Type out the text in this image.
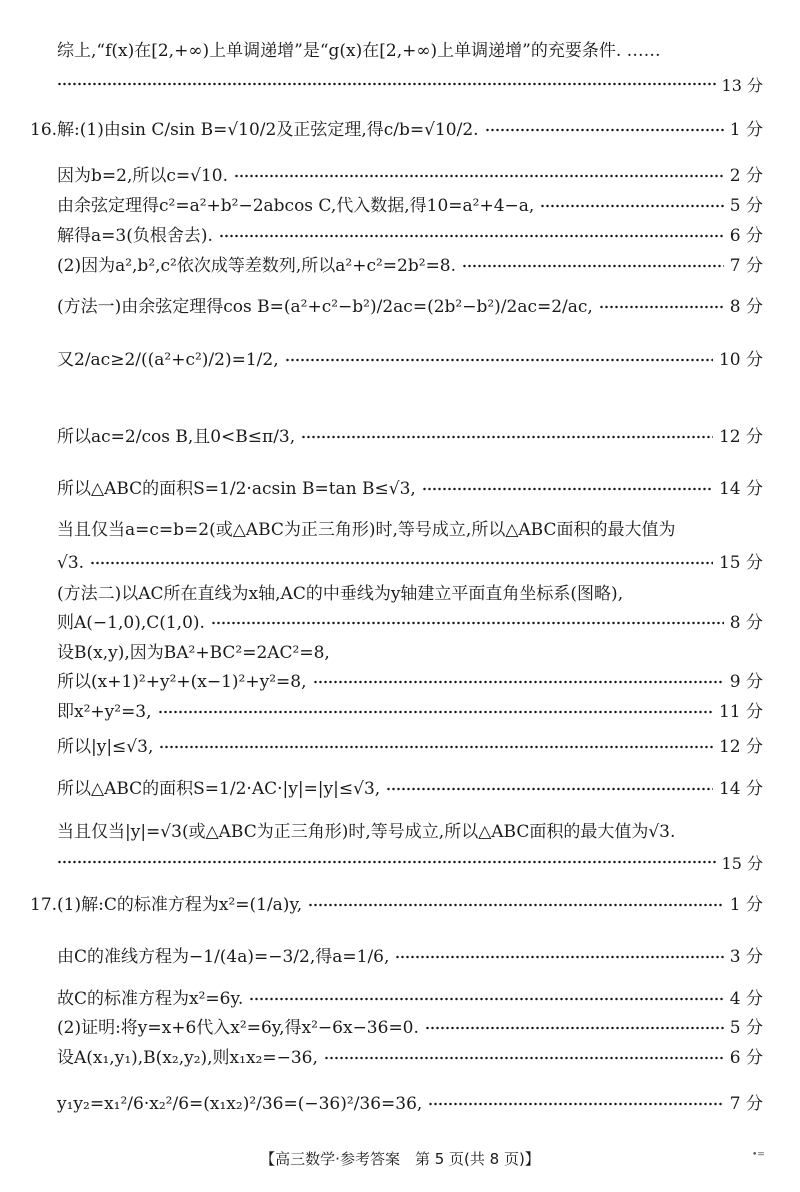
综上,“f(x)在[2,+∞)上单调递增”是“g(x)在[2,+∞)上单调递增”的充要条件. ……
13 分
16.解:(1)由sin C/sin B=√10/2及正弦定理,得c/b=√10/2.	1 分
因为b=2,所以c=√10.	2 分
由余弦定理得c²=a²+b²−2abcos C,代入数据,得10=a²+4−a,	5 分
解得a=3(负根舍去).	6 分
(2)因为a²,b²,c²依次成等差数列,所以a²+c²=2b²=8.	7 分
(方法一)由余弦定理得cos B=(a²+c²−b²)/2ac=(2b²−b²)/2ac=2/ac,	8 分
又2/ac≥2/((a²+c²)/2)=1/2,	10 分
所以ac=2/cos B,且0<B≤π/3,	12 分
所以△ABC的面积S=1/2·acsin B=tan B≤√3,	14 分
当且仅当a=c=b=2(或△ABC为正三角形)时,等号成立,所以△ABC面积的最大值为
√3.	15 分
(方法二)以AC所在直线为x轴,AC的中垂线为y轴建立平面直角坐标系(图略),
则A(−1,0),C(1,0).	8 分
设B(x,y),因为BA²+BC²=2AC²=8,
所以(x+1)²+y²+(x−1)²+y²=8,	9 分
即x²+y²=3,	11 分
所以|y|≤√3,	12 分
所以△ABC的面积S=1/2·AC·|y|=|y|≤√3,	14 分
当且仅当|y|=√3(或△ABC为正三角形)时,等号成立,所以△ABC面积的最大值为√3.
15 分
17.(1)解:C的标准方程为x²=(1/a)y,	1 分
由C的准线方程为−1/(4a)=−3/2,得a=1/6,	3 分
故C的标准方程为x²=6y.	4 分
(2)证明:将y=x+6代入x²=6y,得x²−6x−36=0.	5 分
设A(x₁,y₁),B(x₂,y₂),则x₁x₂=−36,	6 分
y₁y₂=x₁²/6·x₂²/6=(x₁x₂)²/36=(−36)²/36=36,	7 分
【高三数学·参考答案　第 5 页(共 8 页)】	•=
